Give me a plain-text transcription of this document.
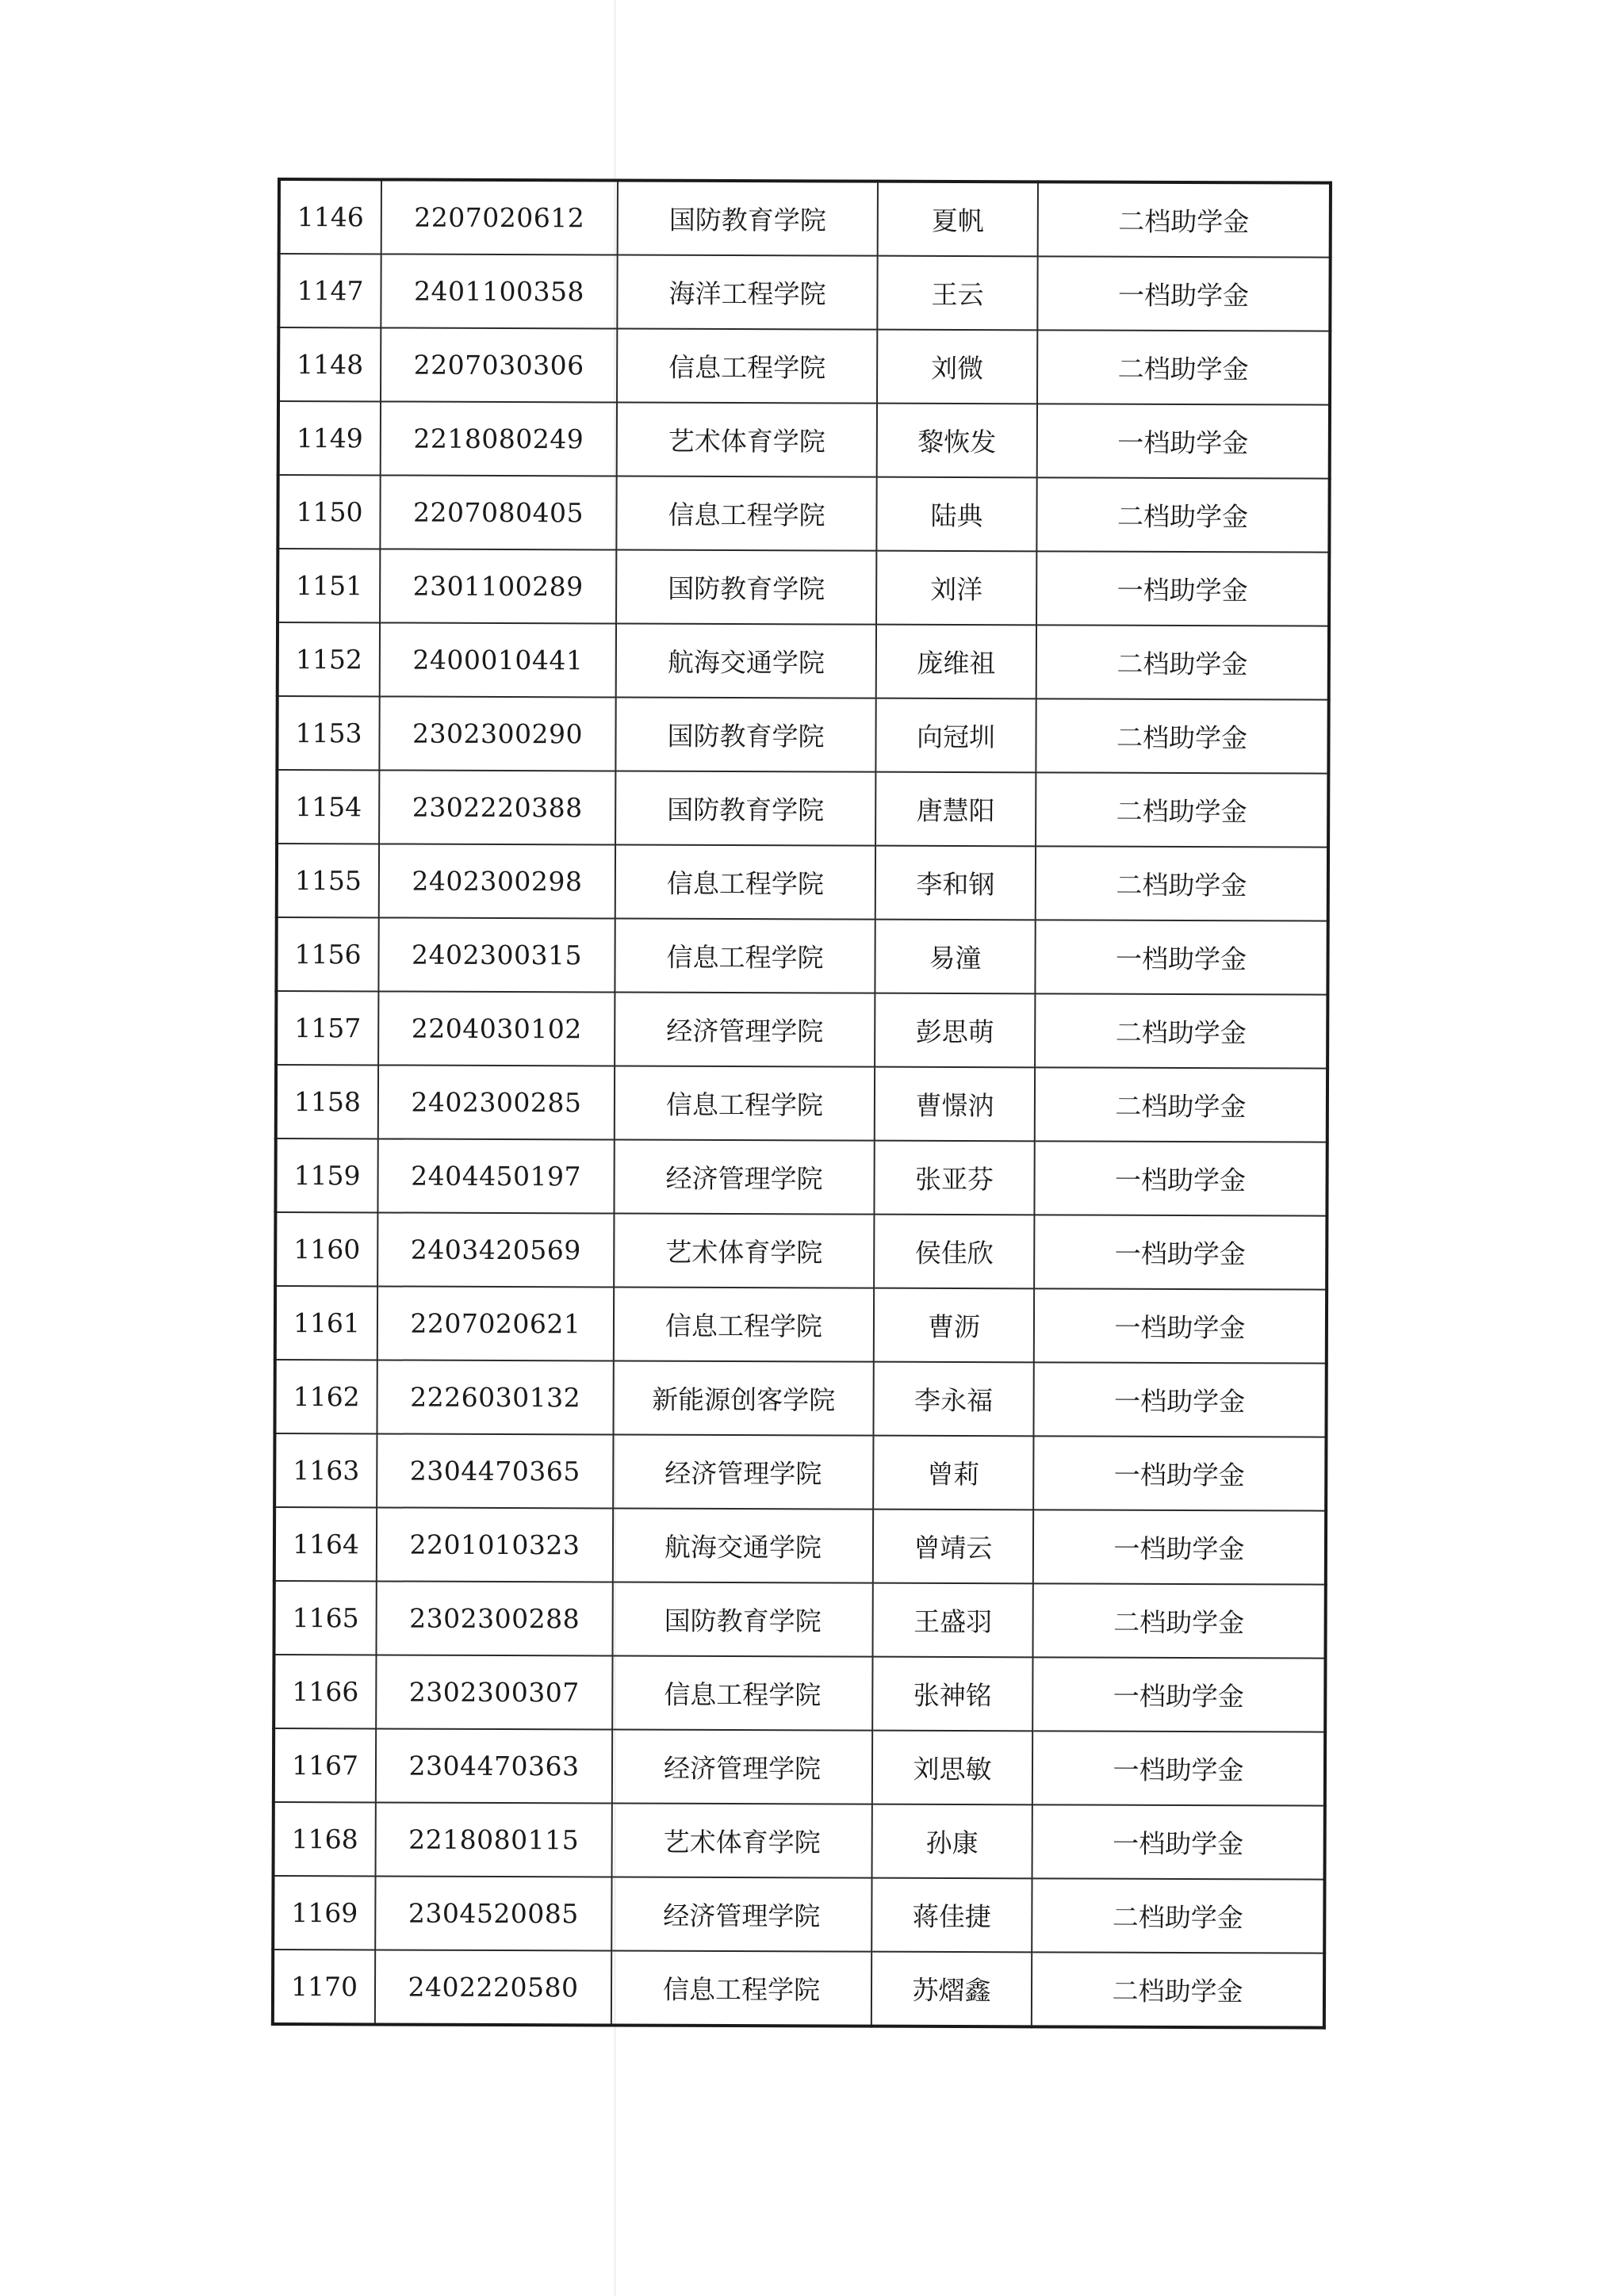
1146	2207020612	国防教育学院	夏帆	二档助学金
1147	2401100358	海洋工程学院	王云	一档助学金
1148	2207030306	信息工程学院	刘微	二档助学金
1149	2218080249	艺术体育学院	黎恢发	一档助学金
1150	2207080405	信息工程学院	陆典	二档助学金
1151	2301100289	国防教育学院	刘洋	一档助学金
1152	2400010441	航海交通学院	庞维祖	二档助学金
1153	2302300290	国防教育学院	向冠圳	二档助学金
1154	2302220388	国防教育学院	唐慧阳	二档助学金
1155	2402300298	信息工程学院	李和钢	二档助学金
1156	2402300315	信息工程学院	易潼	一档助学金
1157	2204030102	经济管理学院	彭思萌	二档助学金
1158	2402300285	信息工程学院	曹憬汭	二档助学金
1159	2404450197	经济管理学院	张亚芬	一档助学金
1160	2403420569	艺术体育学院	侯佳欣	一档助学金
1161	2207020621	信息工程学院	曹沥	一档助学金
1162	2226030132	新能源创客学院	李永福	一档助学金
1163	2304470365	经济管理学院	曾莉	一档助学金
1164	2201010323	航海交通学院	曾靖云	一档助学金
1165	2302300288	国防教育学院	王盛羽	二档助学金
1166	2302300307	信息工程学院	张神铭	一档助学金
1167	2304470363	经济管理学院	刘思敏	一档助学金
1168	2218080115	艺术体育学院	孙康	一档助学金
1169	2304520085	经济管理学院	蒋佳捷	二档助学金
1170	2402220580	信息工程学院	苏熠鑫	二档助学金
